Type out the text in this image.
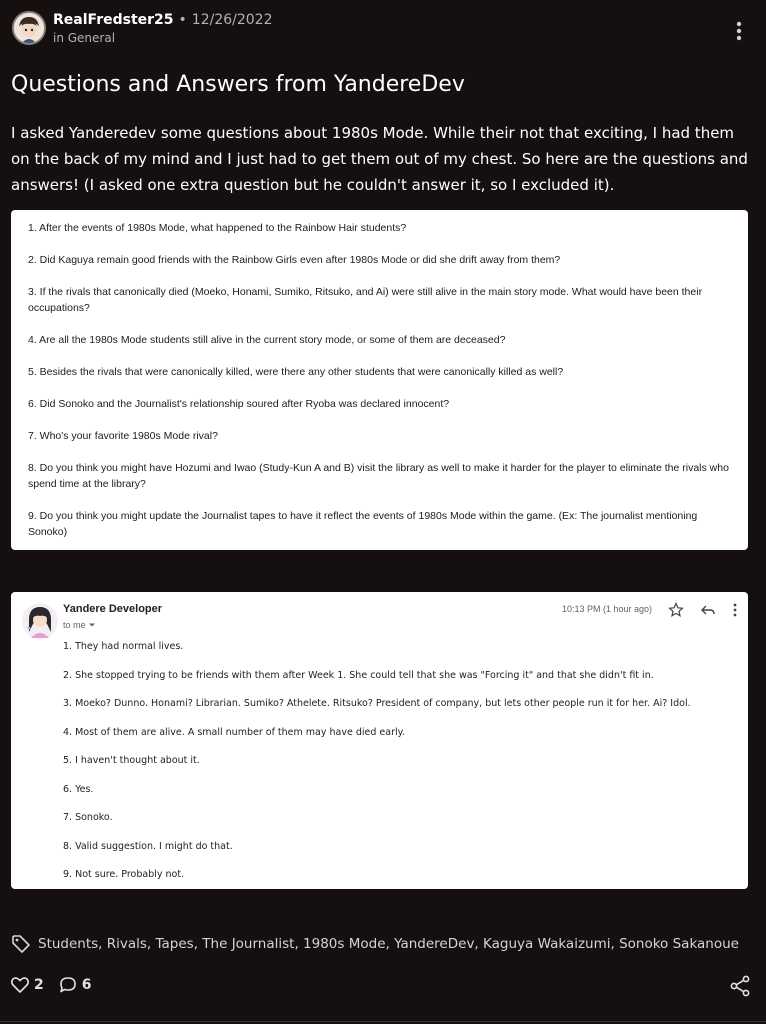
RealFredster25 • 12/26/2022
in General
Questions and Answers from YandereDev

I asked Yanderedev some questions about 1980s Mode. While their not that exciting, I had them on the back of my mind and I just had to get them out of my chest. So here are the questions and answers! (I asked one extra question but he couldn't answer it, so I excluded it).

1. After the events of 1980s Mode, what happened to the Rainbow Hair students?
2. Did Kaguya remain good friends with the Rainbow Girls even after 1980s Mode or did she drift away from them?
3. If the rivals that canonically died (Moeko, Honami, Sumiko, Ritsuko, and Ai) were still alive in the main story mode. What would have been their occupations?
4. Are all the 1980s Mode students still alive in the current story mode, or some of them are deceased?
5. Besides the rivals that were canonically killed, were there any other students that were canonically killed as well?
6. Did Sonoko and the Journalist's relationship soured after Ryoba was declared innocent?
7. Who's your favorite 1980s Mode rival?
8. Do you think you might have Hozumi and Iwao (Study-Kun A and B) visit the library as well to make it harder for the player to eliminate the rivals who spend time at the library?
9. Do you think you might update the Journalist tapes to have it reflect the events of 1980s Mode within the game. (Ex: The journalist mentioning Sonoko)
Yandere Developer
to me
10:13 PM (1 hour ago)
1. They had normal lives.
2. She stopped trying to be friends with them after Week 1. She could tell that she was "Forcing it" and that she didn't fit in.
3. Moeko? Dunno. Honami? Librarian. Sumiko? Athelete. Ritsuko? President of company, but lets other people run it for her. Ai? Idol.
4. Most of them are alive. A small number of them may have died early.
5. I haven't thought about it.
6. Yes.
7. Sonoko.
8. Valid suggestion. I might do that.
9. Not sure. Probably not.
Students, Rivals, Tapes, The Journalist, 1980s Mode, YandereDev, Kaguya Wakaizumi, Sonoko Sakanoue
2	6
